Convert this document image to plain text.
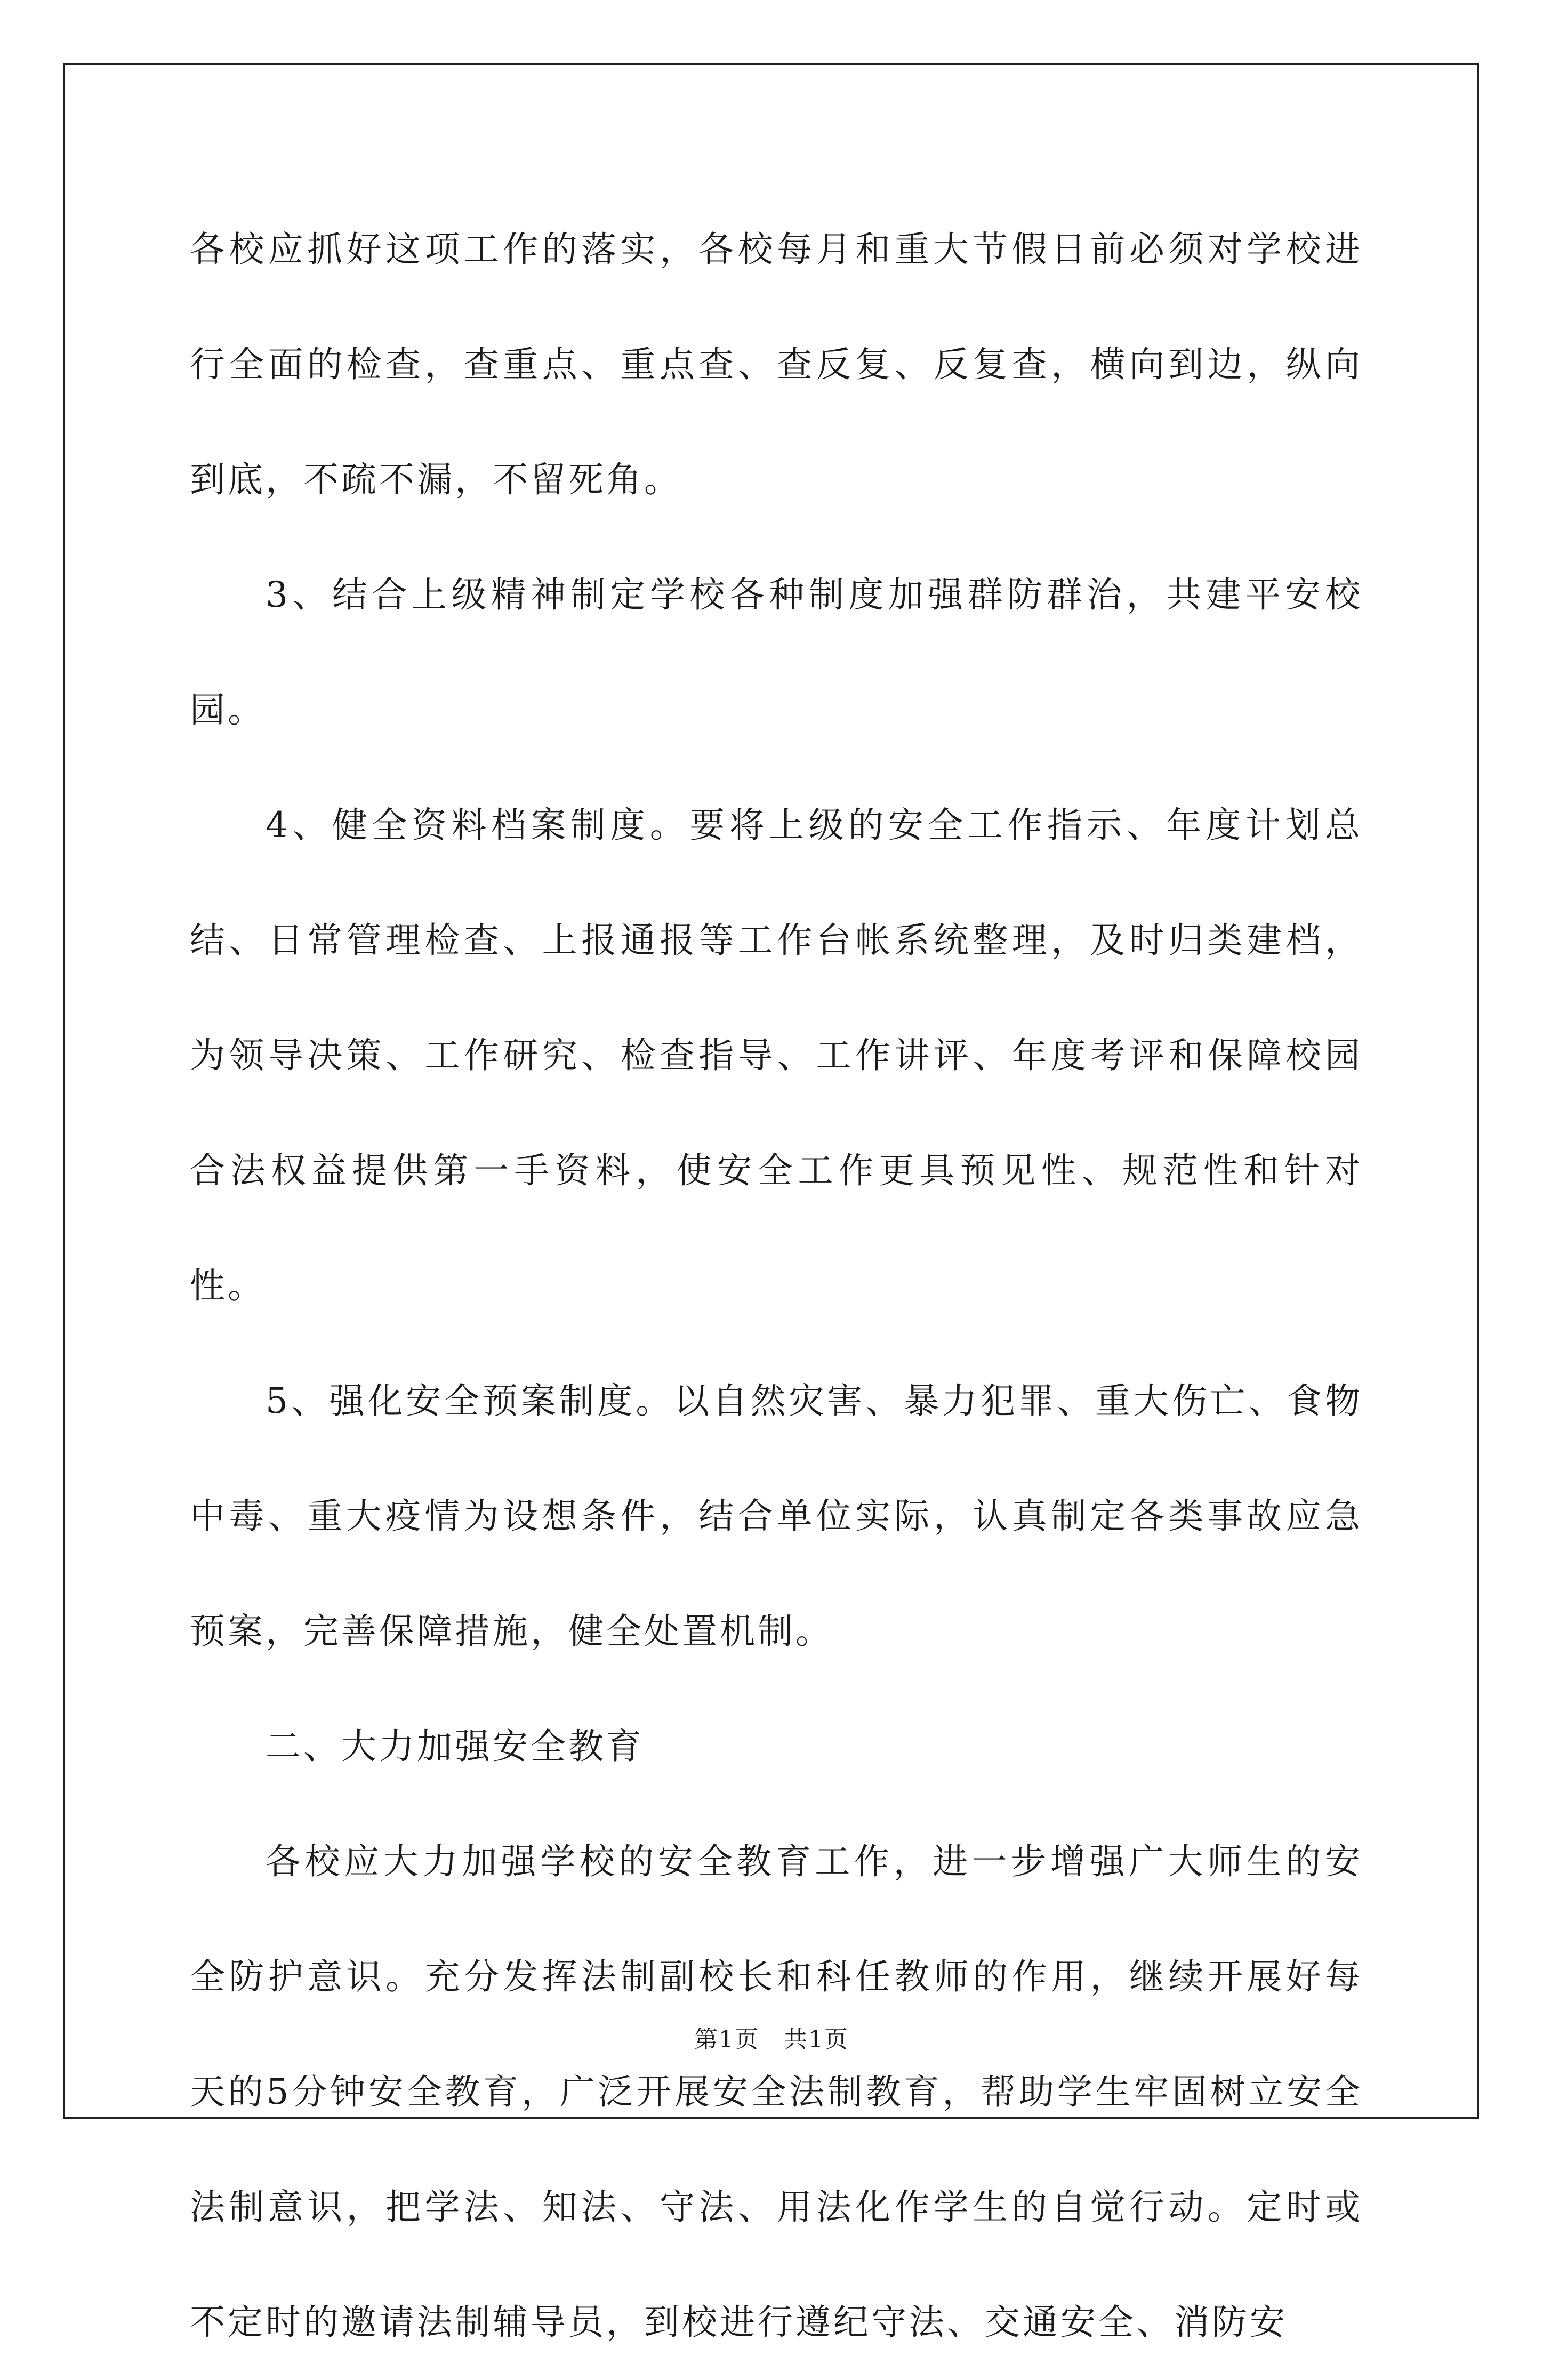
各校应抓好这项工作的落实，各校每月和重大节假日前必须对学校进行全面的检查，查重点、重点查、查反复、反复查，横向到边，纵向到底，不疏不漏，不留死角。

3、结合上级精神制定学校各种制度加强群防群治，共建平安校园。

4、健全资料档案制度。要将上级的安全工作指示、年度计划总结、日常管理检查、上报通报等工作台帐系统整理，及时归类建档，为领导决策、工作研究、检查指导、工作讲评、年度考评和保障校园合法权益提供第一手资料，使安全工作更具预见性、规范性和针对性。

5、强化安全预案制度。以自然灾害、暴力犯罪、重大伤亡、食物中毒、重大疫情为设想条件，结合单位实际，认真制定各类事故应急预案，完善保障措施，健全处置机制。

二、大力加强安全教育

各校应大力加强学校的安全教育工作，进一步增强广大师生的安全防护意识。充分发挥法制副校长和科任教师的作用，继续开展好每天的5分钟安全教育，广泛开展安全法制教育，帮助学生牢固树立安全法制意识，把学法、知法、守法、用法化作学生的自觉行动。定时或不定时的邀请法制辅导员，到校进行遵纪守法、交通安全、消防安

第1页　共1页
